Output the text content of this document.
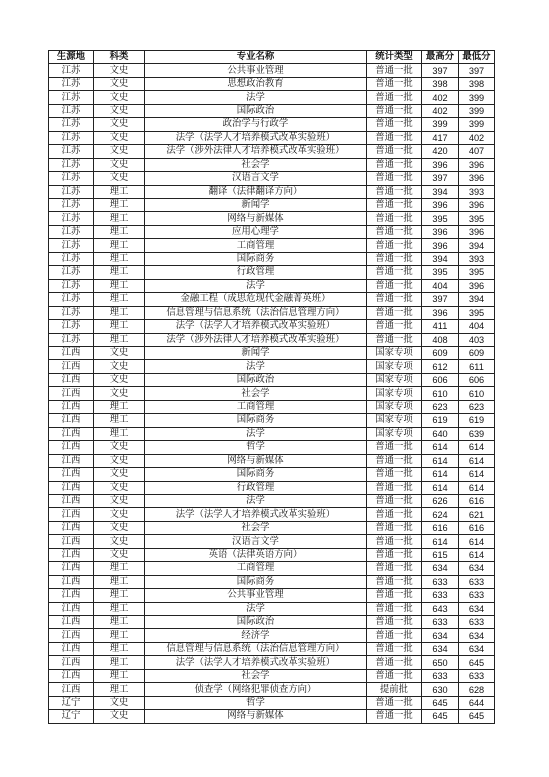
生源地	科类	专业名称	统计类型	最高分	最低分
江苏	文史	公共事业管理	普通一批	397	397
江苏	文史	思想政治教育	普通一批	398	398
江苏	文史	法学	普通一批	402	399
江苏	文史	国际政治	普通一批	402	399
江苏	文史	政治学与行政学	普通一批	399	399
江苏	文史	法学（法学人才培养模式改革实验班）	普通一批	417	402
江苏	文史	法学（涉外法律人才培养模式改革实验班）	普通一批	420	407
江苏	文史	社会学	普通一批	396	396
江苏	文史	汉语言文学	普通一批	397	396
江苏	理工	翻译（法律翻译方向）	普通一批	394	393
江苏	理工	新闻学	普通一批	396	396
江苏	理工	网络与新媒体	普通一批	395	395
江苏	理工	应用心理学	普通一批	396	396
江苏	理工	工商管理	普通一批	396	394
江苏	理工	国际商务	普通一批	394	393
江苏	理工	行政管理	普通一批	395	395
江苏	理工	法学	普通一批	404	396
江苏	理工	金融工程（成思危现代金融菁英班）	普通一批	397	394
江苏	理工	信息管理与信息系统（法治信息管理方向）	普通一批	396	395
江苏	理工	法学（法学人才培养模式改革实验班）	普通一批	411	404
江苏	理工	法学（涉外法律人才培养模式改革实验班）	普通一批	408	403
江西	文史	新闻学	国家专项	609	609
江西	文史	法学	国家专项	612	611
江西	文史	国际政治	国家专项	606	606
江西	文史	社会学	国家专项	610	610
江西	理工	工商管理	国家专项	623	623
江西	理工	国际商务	国家专项	619	619
江西	理工	法学	国家专项	640	639
江西	文史	哲学	普通一批	614	614
江西	文史	网络与新媒体	普通一批	614	614
江西	文史	国际商务	普通一批	614	614
江西	文史	行政管理	普通一批	614	614
江西	文史	法学	普通一批	626	616
江西	文史	法学（法学人才培养模式改革实验班）	普通一批	624	621
江西	文史	社会学	普通一批	616	616
江西	文史	汉语言文学	普通一批	614	614
江西	文史	英语（法律英语方向）	普通一批	615	614
江西	理工	工商管理	普通一批	634	634
江西	理工	国际商务	普通一批	633	633
江西	理工	公共事业管理	普通一批	633	633
江西	理工	法学	普通一批	643	634
江西	理工	国际政治	普通一批	633	633
江西	理工	经济学	普通一批	634	634
江西	理工	信息管理与信息系统（法治信息管理方向）	普通一批	634	634
江西	理工	法学（法学人才培养模式改革实验班）	普通一批	650	645
江西	理工	社会学	普通一批	633	633
江西	理工	侦查学（网络犯罪侦查方向）	提前批	630	628
辽宁	文史	哲学	普通一批	645	644
辽宁	文史	网络与新媒体	普通一批	645	645
